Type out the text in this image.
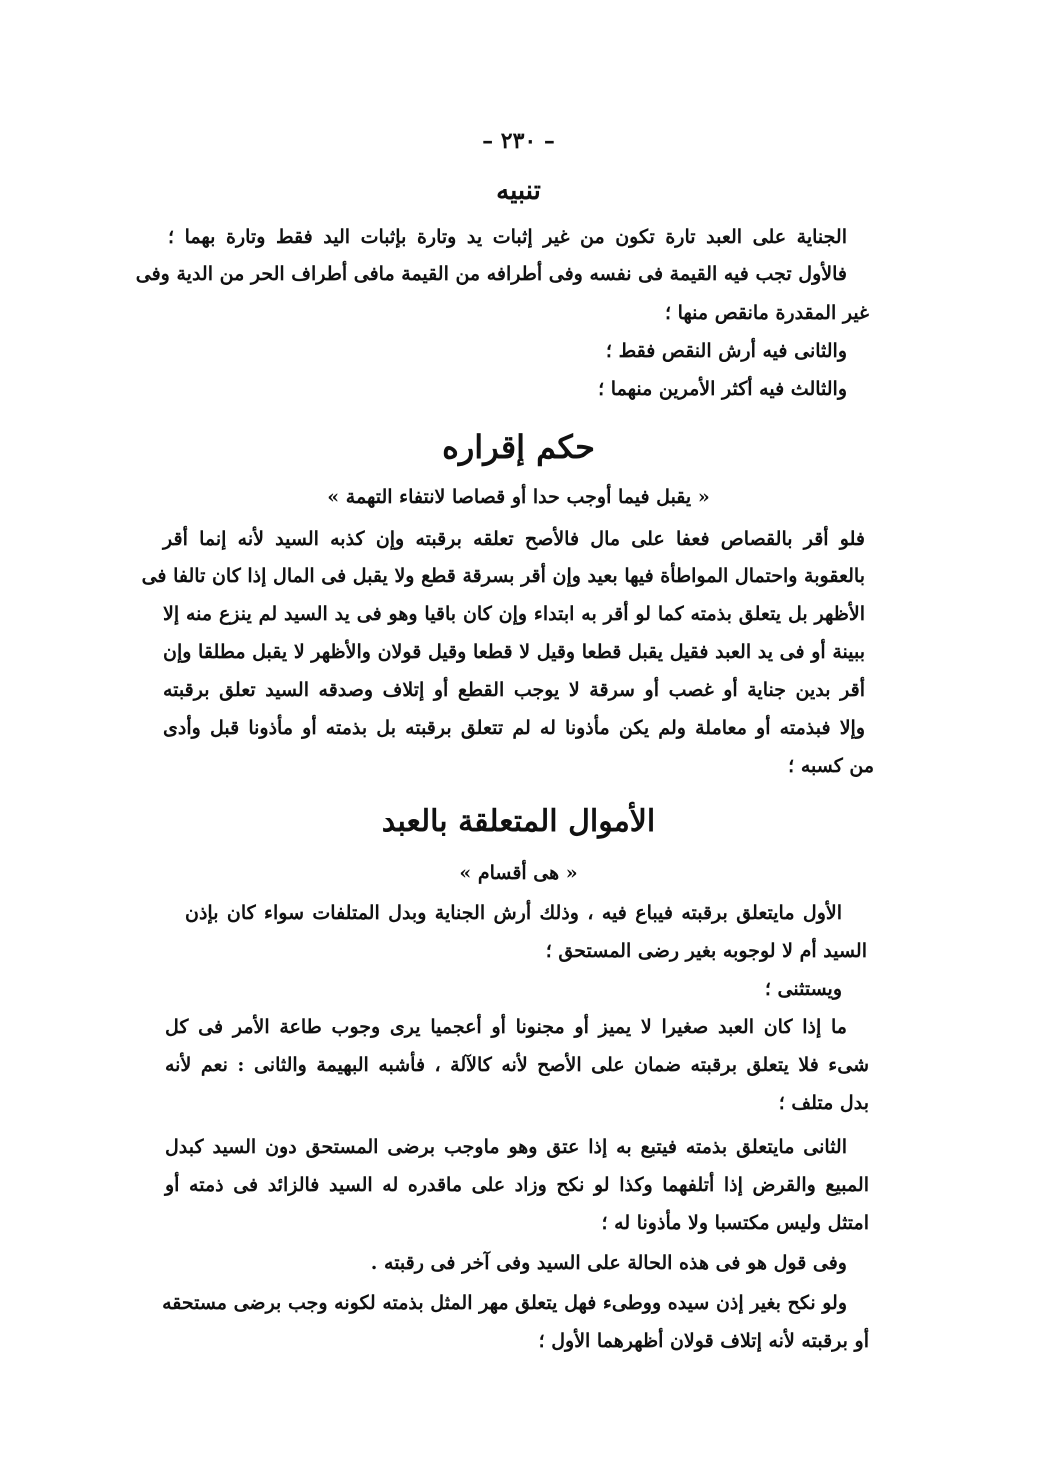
– ٢٣٠ –
تنبيه
الجناية على العبد تارة تكون من غير إثبات يد وتارة بإثبات اليد فقط وتارة بهما ؛
فالأول تجب فيه القيمة فى نفسه وفى أطرافه من القيمة مافى أطراف الحر من الدية وفى
غير المقدرة مانقص منها ؛
والثانى فيه أرش النقص فقط ؛
والثالث فيه أكثر الأمرين منهما ؛
حكم إقراره
« يقبل فيما أوجب حدا أو قصاصا لانتفاء التهمة »
فلو أقر بالقصاص فعفا على مال فالأصح تعلقه برقبته وإن كذبه السيد لأنه إنما أقر
بالعقوبة واحتمال المواطأة فيها بعيد وإن أقر بسرقة قطع ولا يقبل فى المال إذا كان تالفا فى
الأظهر بل يتعلق بذمته كما لو أقر به ابتداء وإن كان باقيا وهو فى يد السيد لم ينزع منه إلا
ببينة أو فى يد العبد فقيل يقبل قطعا وقيل لا قطعا وقيل قولان والأظهر لا يقبل مطلقا وإن
أقر بدين جناية أو غصب أو سرقة لا يوجب القطع أو إتلاف وصدقه السيد تعلق برقبته
وإلا فبذمته أو معاملة ولم يكن مأذونا له لم تتعلق برقبته بل بذمته أو مأذونا قبل وأدى
من كسبه ؛
الأموال المتعلقة بالعبد
« هى أقسام »
الأول مايتعلق برقبته فيباع فيه ، وذلك أرش الجناية وبدل المتلفات سواء كان بإذن
السيد أم لا لوجوبه بغير رضى المستحق ؛
ويستثنى ؛
ما إذا كان العبد صغيرا لا يميز أو مجنونا أو أعجميا يرى وجوب طاعة الأمر فى كل
شىء فلا يتعلق برقبته ضمان على الأصح لأنه كالآلة ، فأشبه البهيمة والثانى : نعم لأنه
بدل متلف ؛
الثانى مايتعلق بذمته فيتبع به إذا عتق وهو ماوجب برضى المستحق دون السيد كبدل
المبيع والقرض إذا أتلفهما وكذا لو نكح وزاد على ماقدره له السيد فالزائد فى ذمته أو
امتثل وليس مكتسبا ولا مأذونا له ؛
وفى قول هو فى هذه الحالة على السيد وفى آخر فى رقبته .
ولو نكح بغير إذن سيده ووطىء فهل يتعلق مهر المثل بذمته لكونه وجب برضى مستحقه
أو برقبته لأنه إتلاف قولان أظهرهما الأول ؛
